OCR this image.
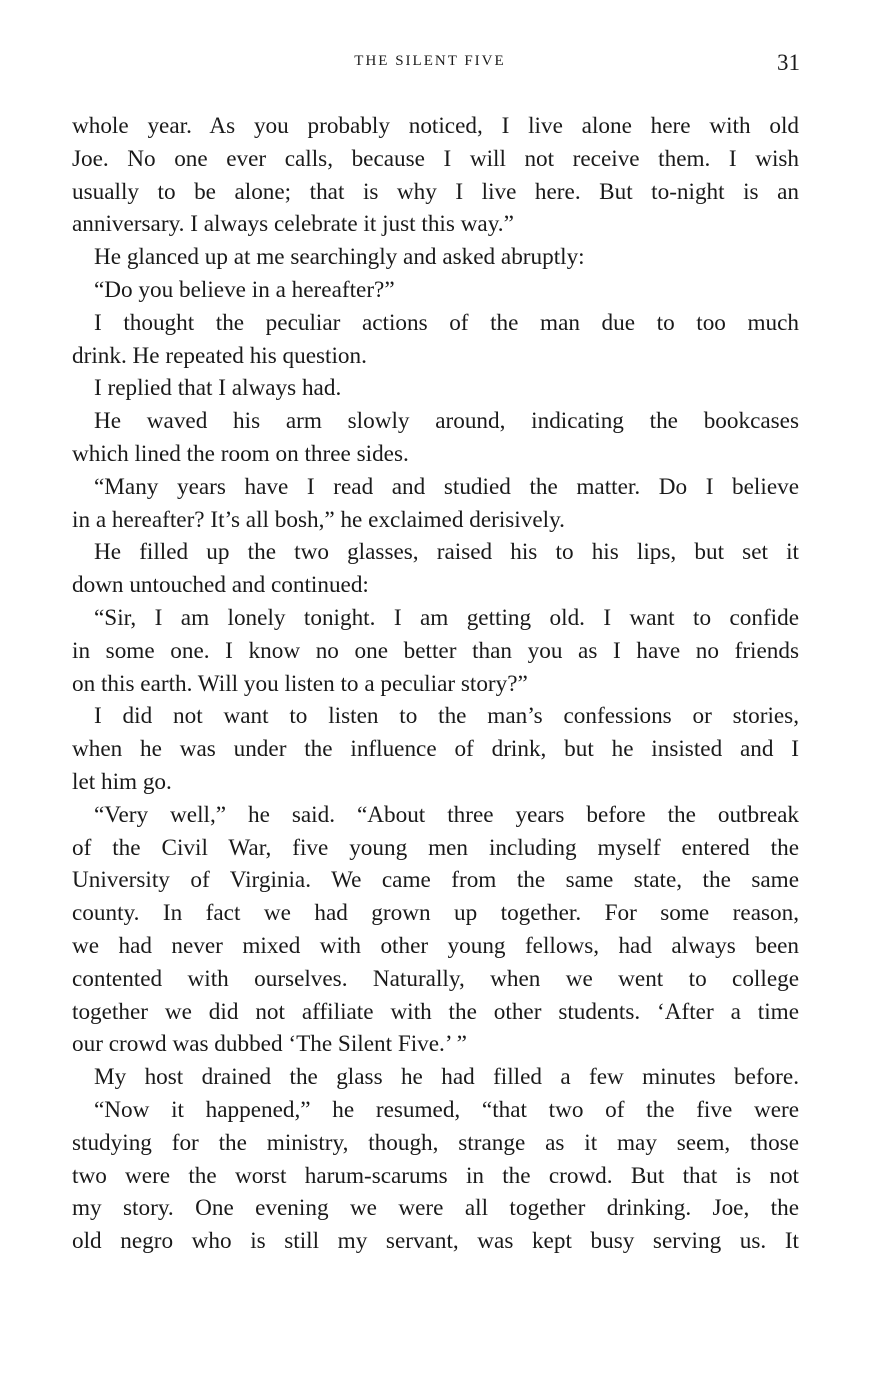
THE SILENT FIVE	31
whole year. As you probably noticed, I live alone here with old
Joe. No one ever calls, because I will not receive them. I wish
usually to be alone; that is why I live here. But to-night is an
anniversary. I always celebrate it just this way.”
He glanced up at me searchingly and asked abruptly:
“Do you believe in a hereafter?”
I thought the peculiar actions of the man due to too much
drink. He repeated his question.
I replied that I always had.
He waved his arm slowly around, indicating the bookcases
which lined the room on three sides.
“Many years have I read and studied the matter. Do I believe
in a hereafter? It’s all bosh,” he exclaimed derisively.
He filled up the two glasses, raised his to his lips, but set it
down untouched and continued:
“Sir, I am lonely tonight. I am getting old. I want to confide
in some one. I know no one better than you as I have no friends
on this earth. Will you listen to a peculiar story?”
I did not want to listen to the man’s confessions or stories,
when he was under the influence of drink, but he insisted and I
let him go.
“Very well,” he said. “About three years before the outbreak
of the Civil War, five young men including myself entered the
University of Virginia. We came from the same state, the same
county. In fact we had grown up together. For some reason,
we had never mixed with other young fellows, had always been
contented with ourselves. Naturally, when we went to college
together we did not affiliate with the other students. ‘After a time
our crowd was dubbed ‘The Silent Five.’ ”
My host drained the glass he had filled a few minutes before.
“Now it happened,” he resumed, “that two of the five were
studying for the ministry, though, strange as it may seem, those
two were the worst harum-scarums in the crowd. But that is not
my story. One evening we were all together drinking. Joe, the
old negro who is still my servant, was kept busy serving us. It
